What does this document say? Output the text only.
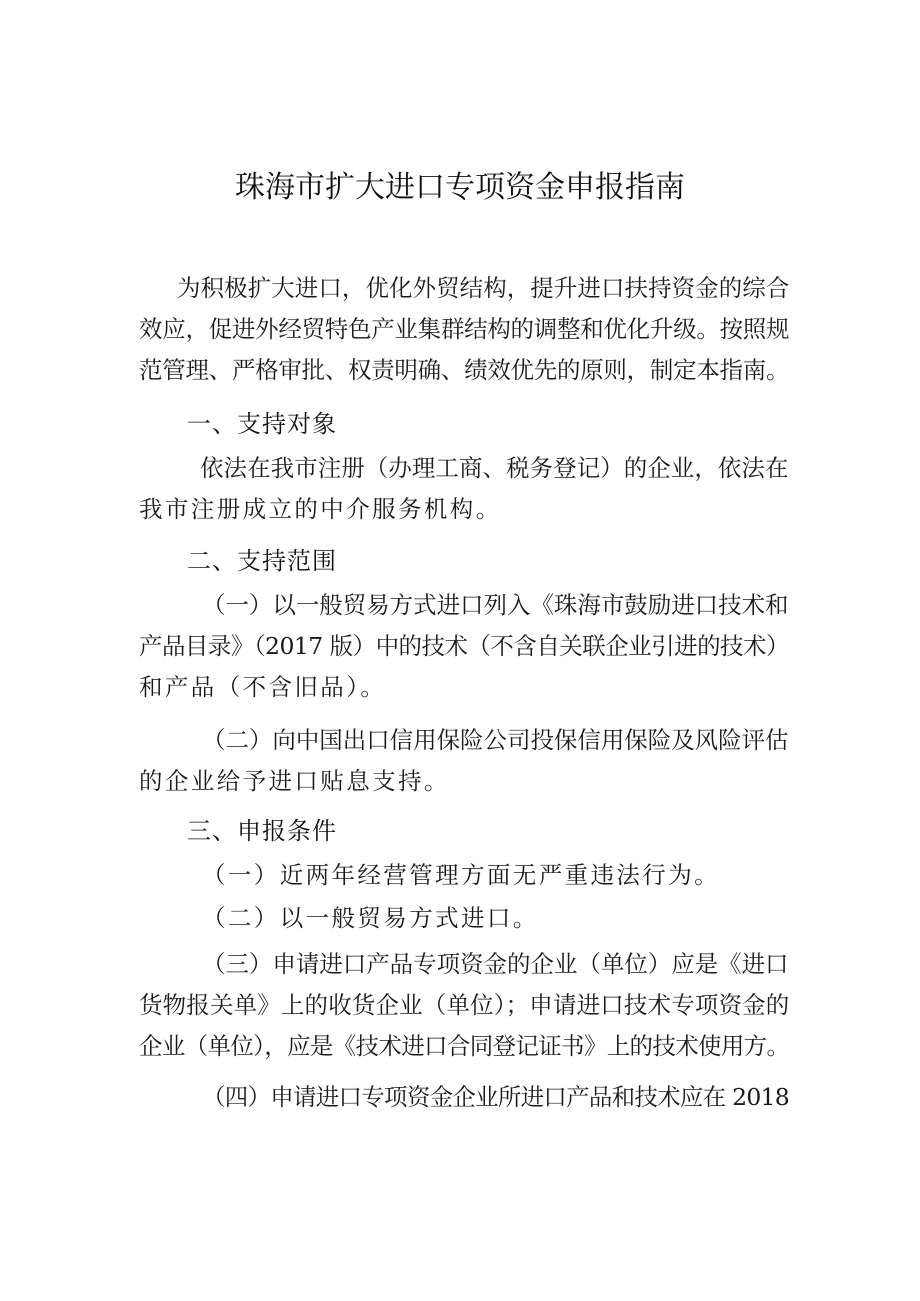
珠海市扩大进口专项资金申报指南
为积极扩大进口，优化外贸结构，提升进口扶持资金的综合
效应，促进外经贸特色产业集群结构的调整和优化升级。按照规
范管理、严格审批、权责明确、绩效优先的原则，制定本指南。
一、支持对象
依法在我市注册（办理工商、税务登记）的企业，依法在
我市注册成立的中介服务机构。
二、支持范围
（一）以一般贸易方式进口列入《珠海市鼓励进口技术和
产品目录》（2017 版）中的技术（不含自关联企业引进的技术）
和产品（不含旧品）。
（二）向中国出口信用保险公司投保信用保险及风险评估
的企业给予进口贴息支持。
三、申报条件
（一）近两年经营管理方面无严重违法行为。
（二）以一般贸易方式进口。
（三）申请进口产品专项资金的企业（单位）应是《进口
货物报关单》上的收货企业（单位）；申请进口技术专项资金的
企业（单位），应是《技术进口合同登记证书》上的技术使用方。
（四）申请进口专项资金企业所进口产品和技术应在 2018
